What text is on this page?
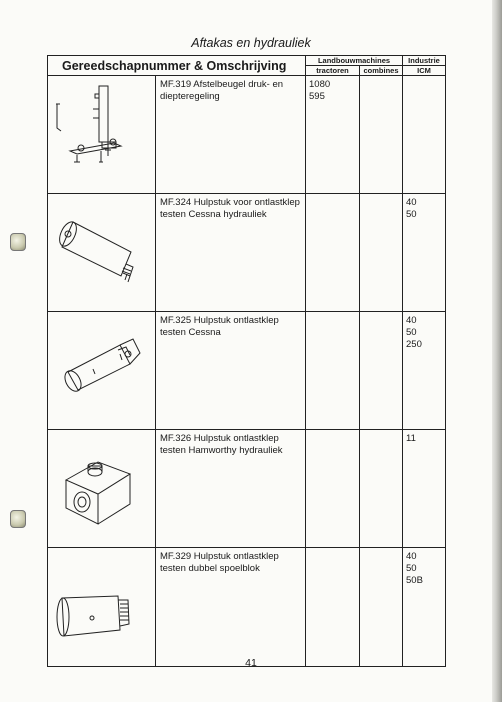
Aftakas en hydrauliek
Gereedschapnummer & Omschrijving		Landbouwmachines		Industrie
		tractoren	combines	ICM

	MF.319 Afstelbeugel druk- en diepteregeling	1080
595		

	MF.324 Hulpstuk voor ontlastklep testen Cessna hydrauliek			40
50

	MF.325 Hulpstuk ontlastklep testen Cessna			40
50
250

	MF.326 Hulpstuk ontlastklep testen Hamworthy hydrauliek			11

	MF.329 Hulpstuk ontlastklep testen dubbel spoelblok			40
50
50B
41
